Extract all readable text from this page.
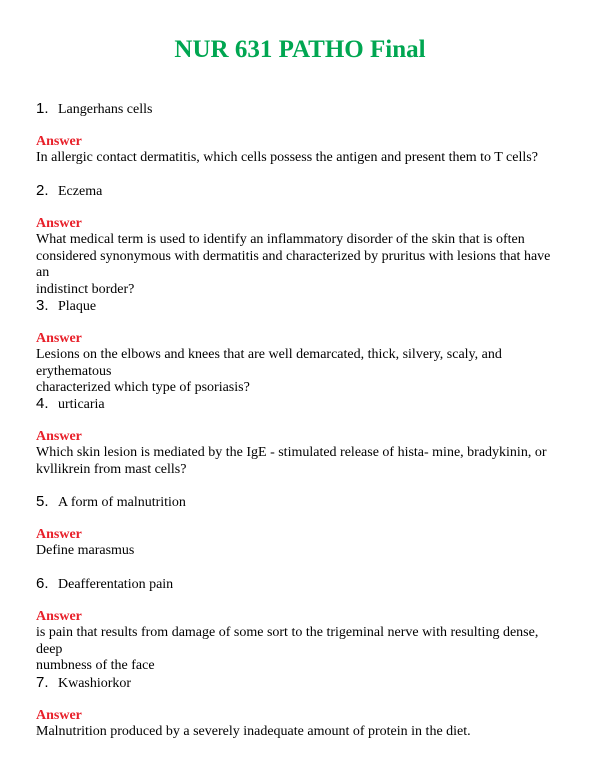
NUR 631 PATHO Final
1. Langerhans cells
Answer
In allergic contact dermatitis, which cells possess the antigen and present them to T cells?
2. Eczema
Answer
What medical term is used to identify an inflammatory disorder of the skin that is often
considered synonymous with dermatitis and characterized by pruritus with lesions that have an
indistinct border?
3. Plaque
Answer
Lesions on the elbows and knees that are well demarcated, thick, silvery, scaly, and erythematous
characterized which type of psoriasis?
4. urticaria
Answer
Which skin lesion is mediated by the IgE - stimulated release of hista- mine, bradykinin, or
kvllikrein from mast cells?
5. A form of malnutrition
Answer
Define marasmus
6. Deafferentation pain
Answer
is pain that results from damage of some sort to the trigeminal nerve with resulting dense, deep
numbness of the face
7. Kwashiorkor
Answer
Malnutrition produced by a severely inadequate amount of protein in the diet.
